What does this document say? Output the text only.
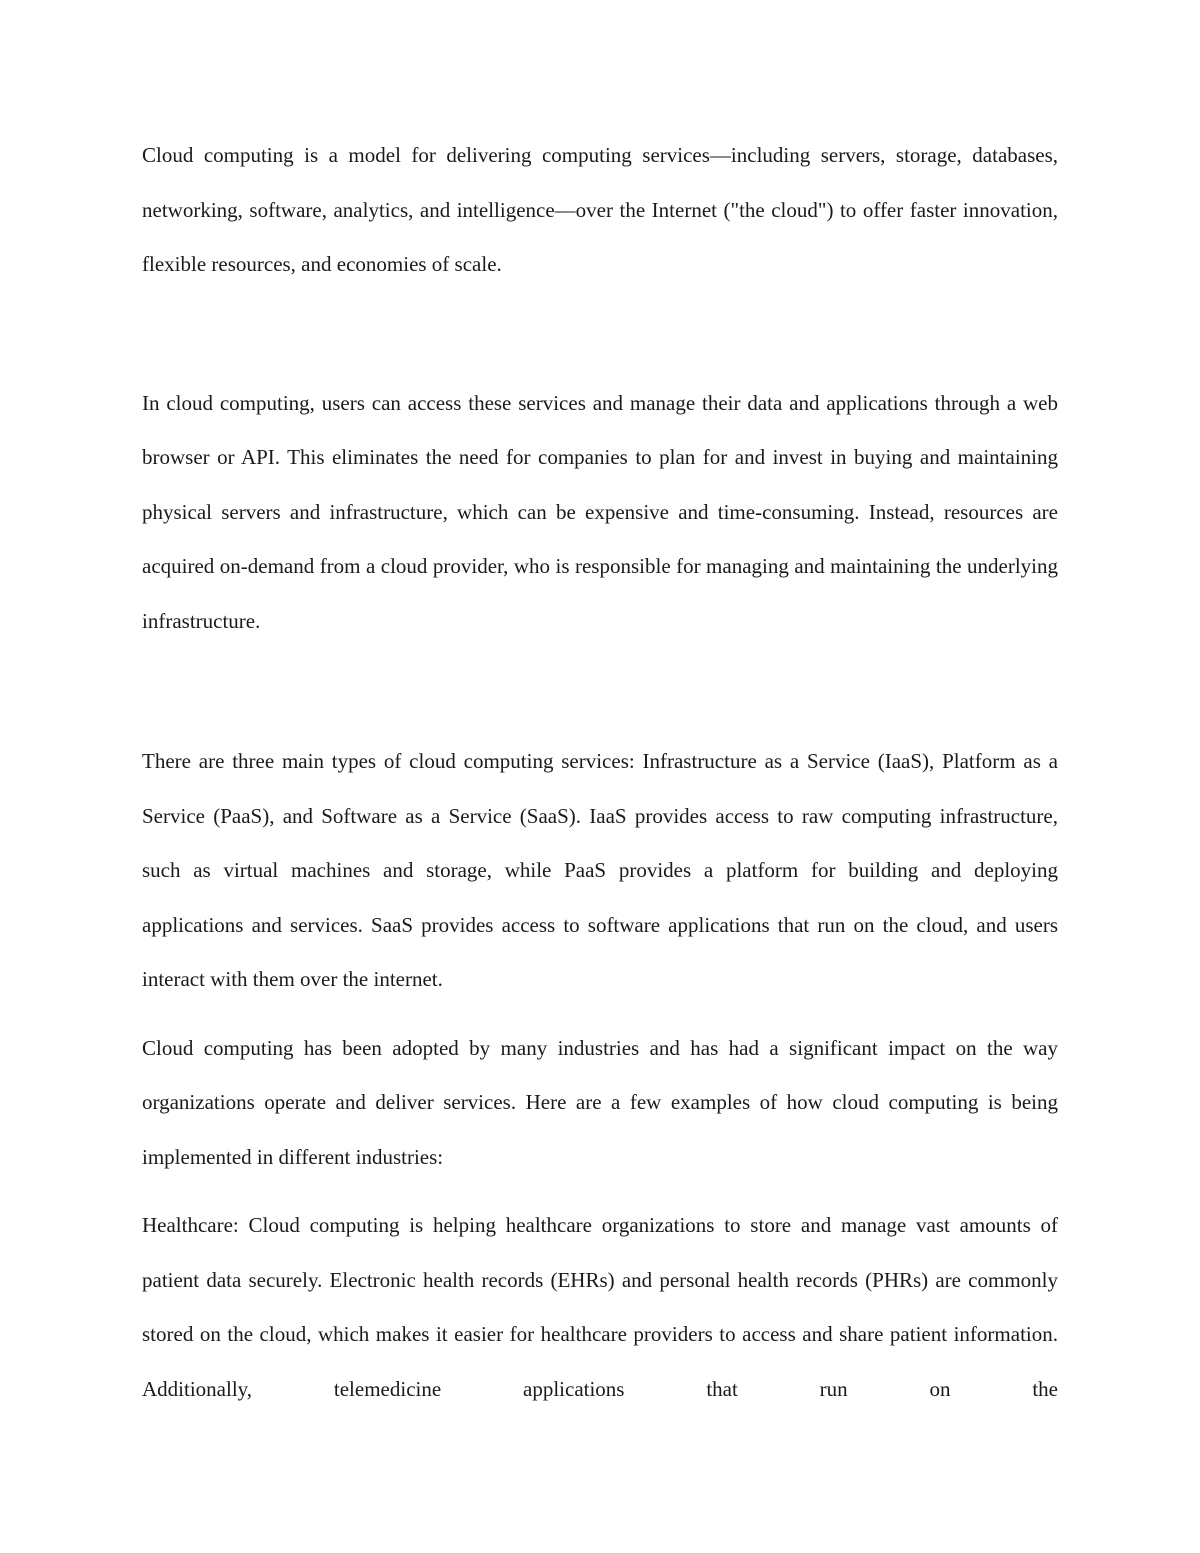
Cloud computing is a model for delivering computing services—including servers, storage, databases, networking, software, analytics, and intelligence—over the Internet ("the cloud") to offer faster innovation, flexible resources, and economies of scale.

In cloud computing, users can access these services and manage their data and applications through a web browser or API. This eliminates the need for companies to plan for and invest in buying and maintaining physical servers and infrastructure, which can be expensive and time-consuming. Instead, resources are acquired on-demand from a cloud provider, who is responsible for managing and maintaining the underlying infrastructure.

There are three main types of cloud computing services: Infrastructure as a Service (IaaS), Platform as a Service (PaaS), and Software as a Service (SaaS). IaaS provides access to raw computing infrastructure, such as virtual machines and storage, while PaaS provides a platform for building and deploying applications and services. SaaS provides access to software applications that run on the cloud, and users interact with them over the internet.

Cloud computing has been adopted by many industries and has had a significant impact on the way organizations operate and deliver services. Here are a few examples of how cloud computing is being implemented in different industries:

Healthcare: Cloud computing is helping healthcare organizations to store and manage vast amounts of patient data securely. Electronic health records (EHRs) and personal health records (PHRs) are commonly stored on the cloud, which makes it easier for healthcare providers to access and share patient information. Additionally, telemedicine applications that run on the
